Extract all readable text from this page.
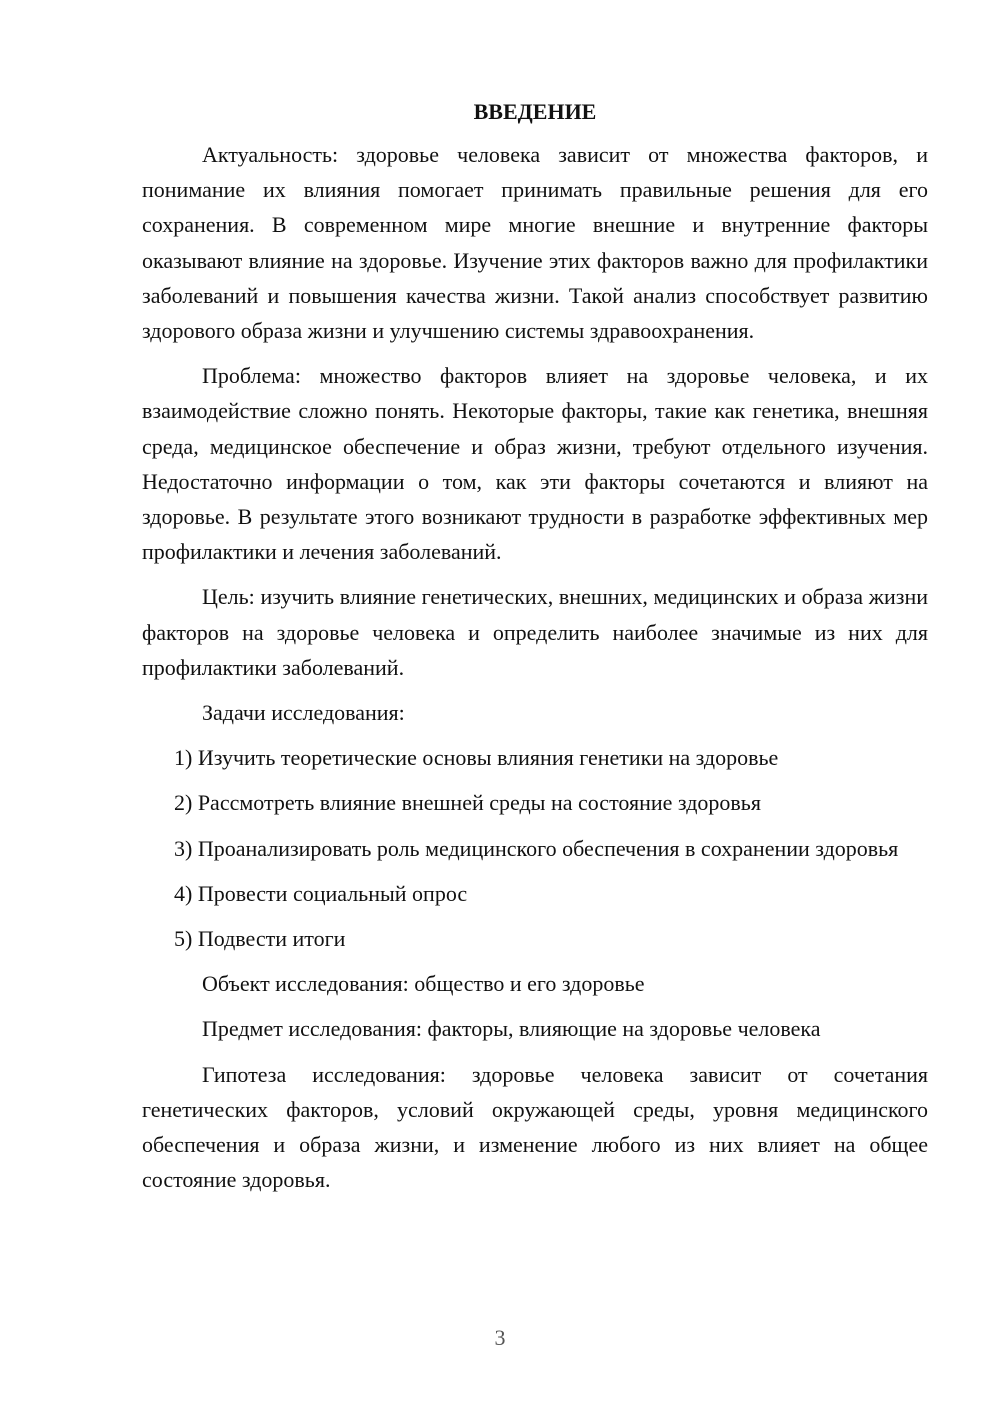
ВВЕДЕНИЕ

Актуальность: здоровье человека зависит от множества факторов, и понимание их влияния помогает принимать правильные решения для его сохранения. В современном мире многие внешние и внутренние факторы оказывают влияние на здоровье. Изучение этих факторов важно для профилактики заболеваний и повышения качества жизни. Такой анализ способствует развитию здорового образа жизни и улучшению системы здравоохранения.

Проблема: множество факторов влияет на здоровье человека, и их взаимодействие сложно понять. Некоторые факторы, такие как генетика, внешняя среда, медицинское обеспечение и образ жизни, требуют отдельного изучения. Недостаточно информации о том, как эти факторы сочетаются и влияют на здоровье. В результате этого возникают трудности в разработке эффективных мер профилактики и лечения заболеваний.

Цель: изучить влияние генетических, внешних, медицинских и образа жизни факторов на здоровье человека и определить наиболее значимые из них для профилактики заболеваний.

Задачи исследования:

1) Изучить теоретические основы влияния генетики на здоровье

2) Рассмотреть влияние внешней среды на состояние здоровья

3) Проанализировать роль медицинского обеспечения в сохранении здоровья

4) Провести социальный опрос

5) Подвести итоги

Объект исследования: общество и его здоровье

Предмет исследования: факторы, влияющие на здоровье человека

Гипотеза исследования: здоровье человека зависит от сочетания генетических факторов, условий окружающей среды, уровня медицинского обеспечения и образа жизни, и изменение любого из них влияет на общее состояние здоровья.

3
